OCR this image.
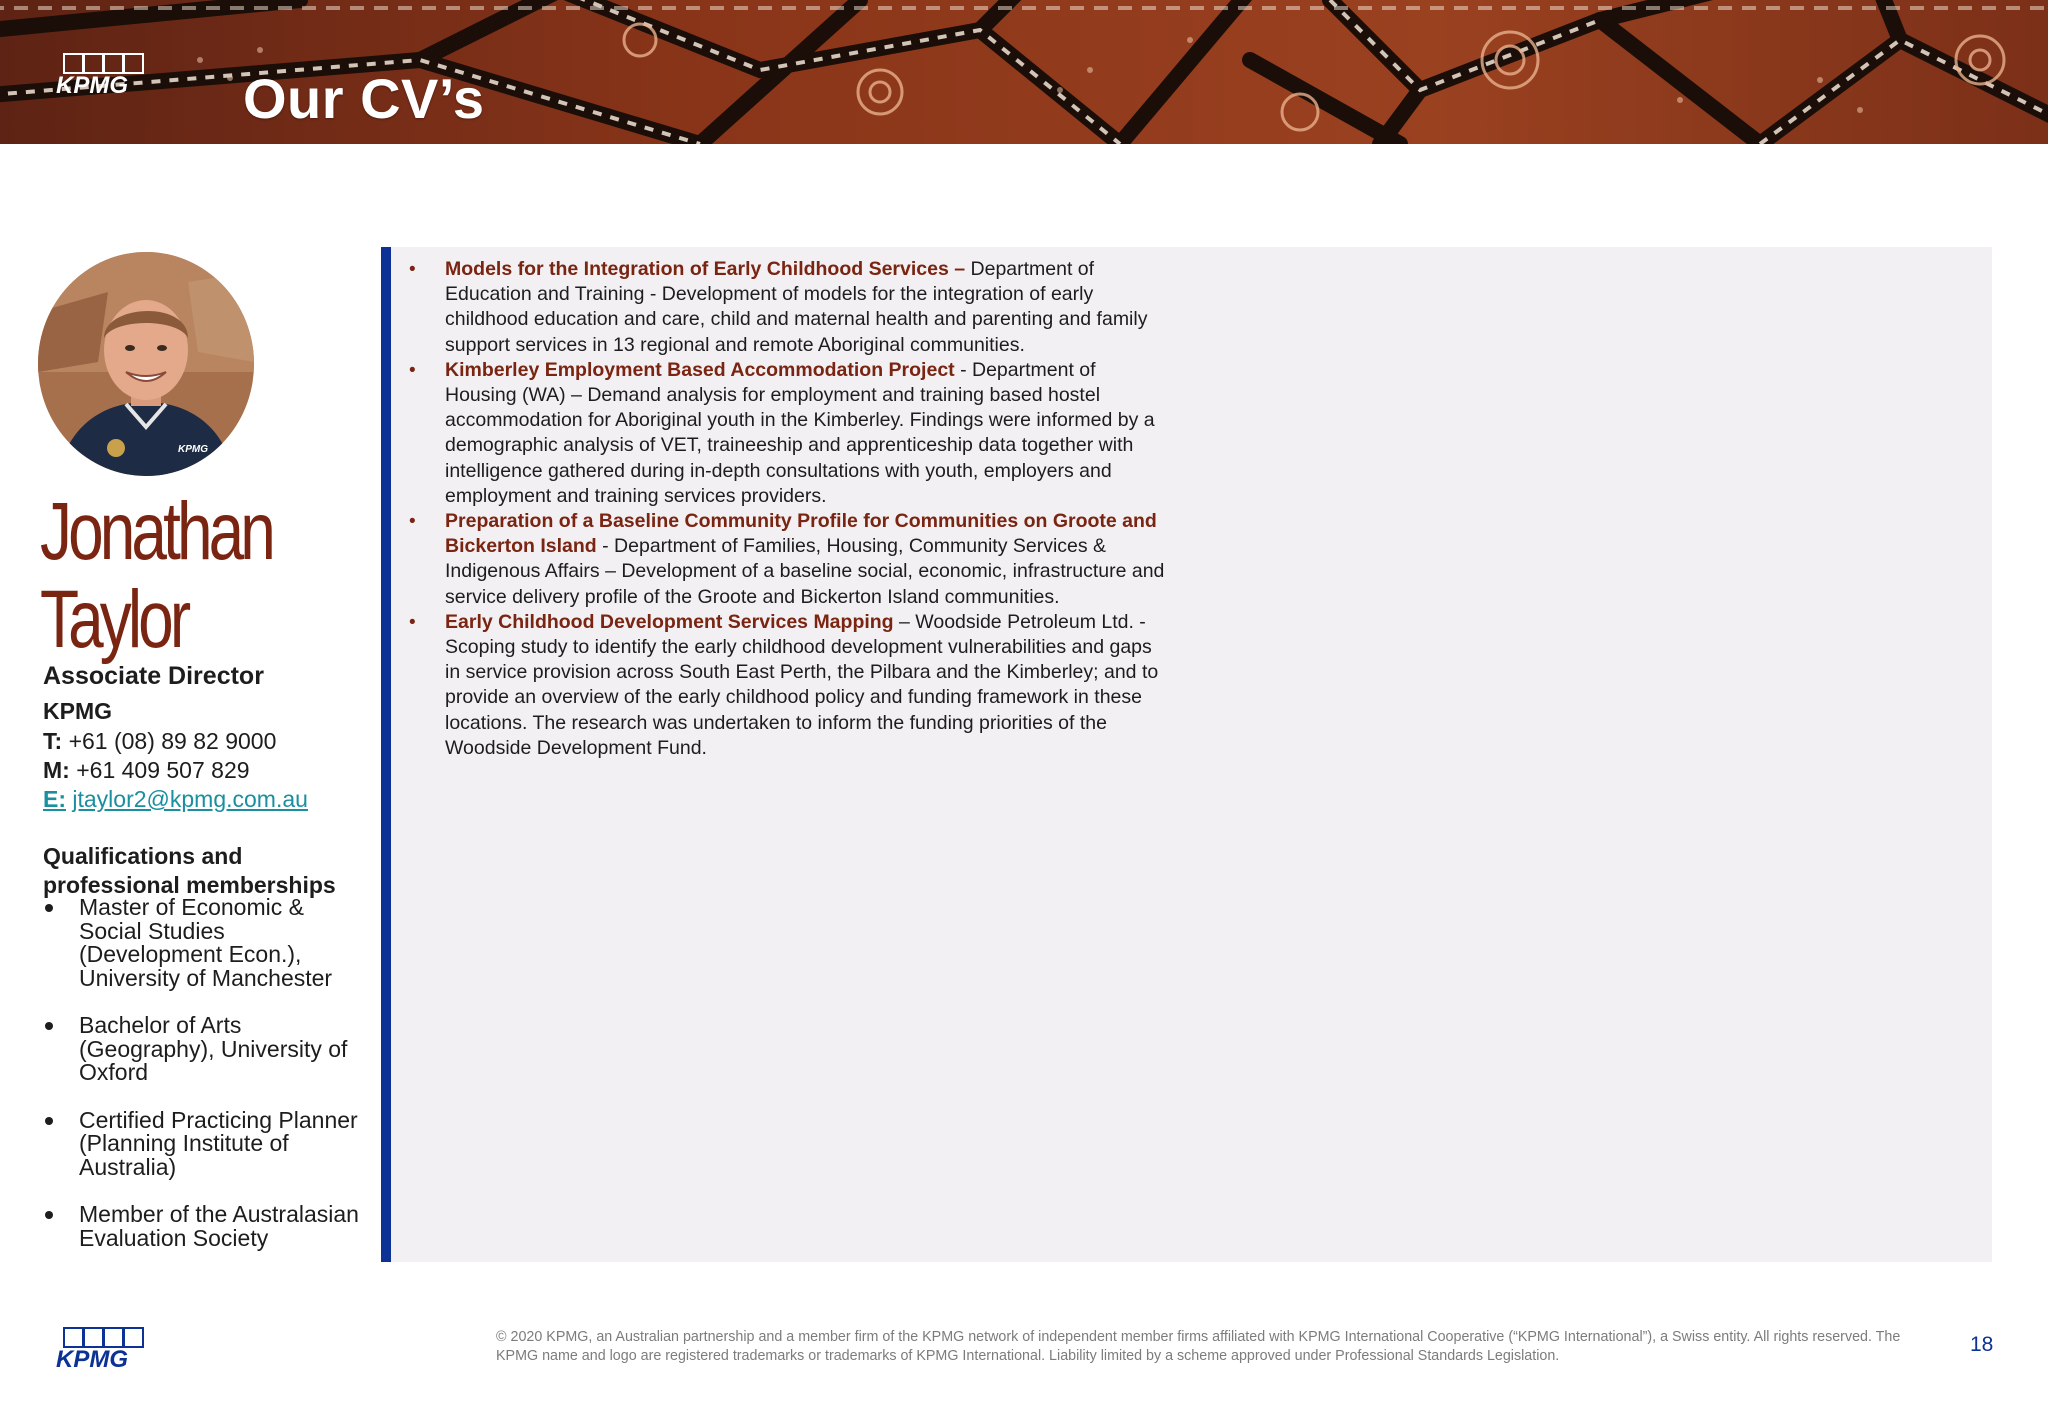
KPMG Our CV’s
KPMG
Jonathan
Taylor
Associate Director
KPMG
T: +61 (08) 89 82 9000
M: +61 409 507 829
E: jtaylor2@kpmg.com.au
Qualifications and professional memberships
Master of Economic & Social Studies (Development Econ.), University of Manchester
Bachelor of Arts (Geography), University of Oxford
Certified Practicing Planner (Planning Institute of Australia)
Member of the Australasian Evaluation Society
• Models for the Integration of Early Childhood Services – Department of Education and Training - Development of models for the integration of early childhood education and care, child and maternal health and parenting and family support services in 13 regional and remote Aboriginal communities.
• Kimberley Employment Based Accommodation Project - Department of Housing (WA) – Demand analysis for employment and training based hostel accommodation for Aboriginal youth in the Kimberley. Findings were informed by a demographic analysis of VET, traineeship and apprenticeship data together with intelligence gathered during in-depth consultations with youth, employers and employment and training services providers.
• Preparation of a Baseline Community Profile for Communities on Groote and Bickerton Island - Department of Families, Housing, Community Services & Indigenous Affairs – Development of a baseline social, economic, infrastructure and service delivery profile of the Groote and Bickerton Island communities.
• Early Childhood Development Services Mapping – Woodside Petroleum Ltd. - Scoping study to identify the early childhood development vulnerabilities and gaps in service provision across South East Perth, the Pilbara and the Kimberley; and to provide an overview of the early childhood policy and funding framework in these locations. The research was undertaken to inform the funding priorities of the Woodside Development Fund.
KPMG
© 2020 KPMG, an Australian partnership and a member firm of the KPMG network of independent member firms affiliated with KPMG International Cooperative (“KPMG International”), a Swiss entity. All rights reserved. The KPMG name and logo are registered trademarks or trademarks of KPMG International. Liability limited by a scheme approved under Professional Standards Legislation.	18
